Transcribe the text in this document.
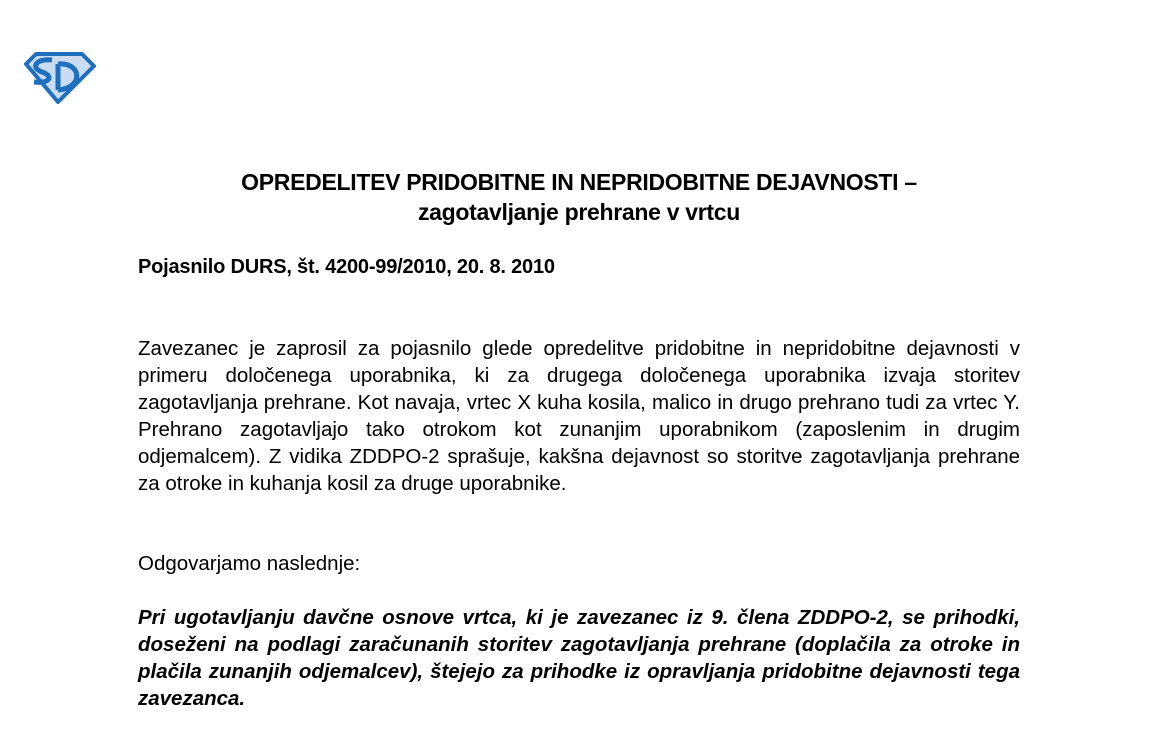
OPREDELITEV PRIDOBITNE IN NEPRIDOBITNE DEJAVNOSTI –
zagotavljanje prehrane v vrtcu
Pojasnilo DURS, št. 4200-99/2010, 20. 8. 2010
Zavezanec je zaprosil za pojasnilo glede opredelitve pridobitne in nepridobitne dejavnosti v primeru določenega uporabnika, ki za drugega določenega uporabnika izvaja storitev zagotavljanja prehrane. Kot navaja, vrtec X kuha kosila, malico in drugo prehrano tudi za vrtec Y. Prehrano zagotavljajo tako otrokom kot zunanjim uporabnikom (zaposlenim in drugim odjemalcem). Z vidika ZDDPO-2 sprašuje, kakšna dejavnost so storitve zagotavljanja prehrane za otroke in kuhanja kosil za druge uporabnike.
Odgovarjamo naslednje:
Pri ugotavljanju davčne osnove vrtca, ki je zavezanec iz 9. člena ZDDPO-2, se prihodki, doseženi na podlagi zaračunanih storitev zagotavljanja prehrane (doplačila za otroke in plačila zunanjih odjemalcev), štejejo za prihodke iz opravljanja pridobitne dejavnosti tega zavezanca.
